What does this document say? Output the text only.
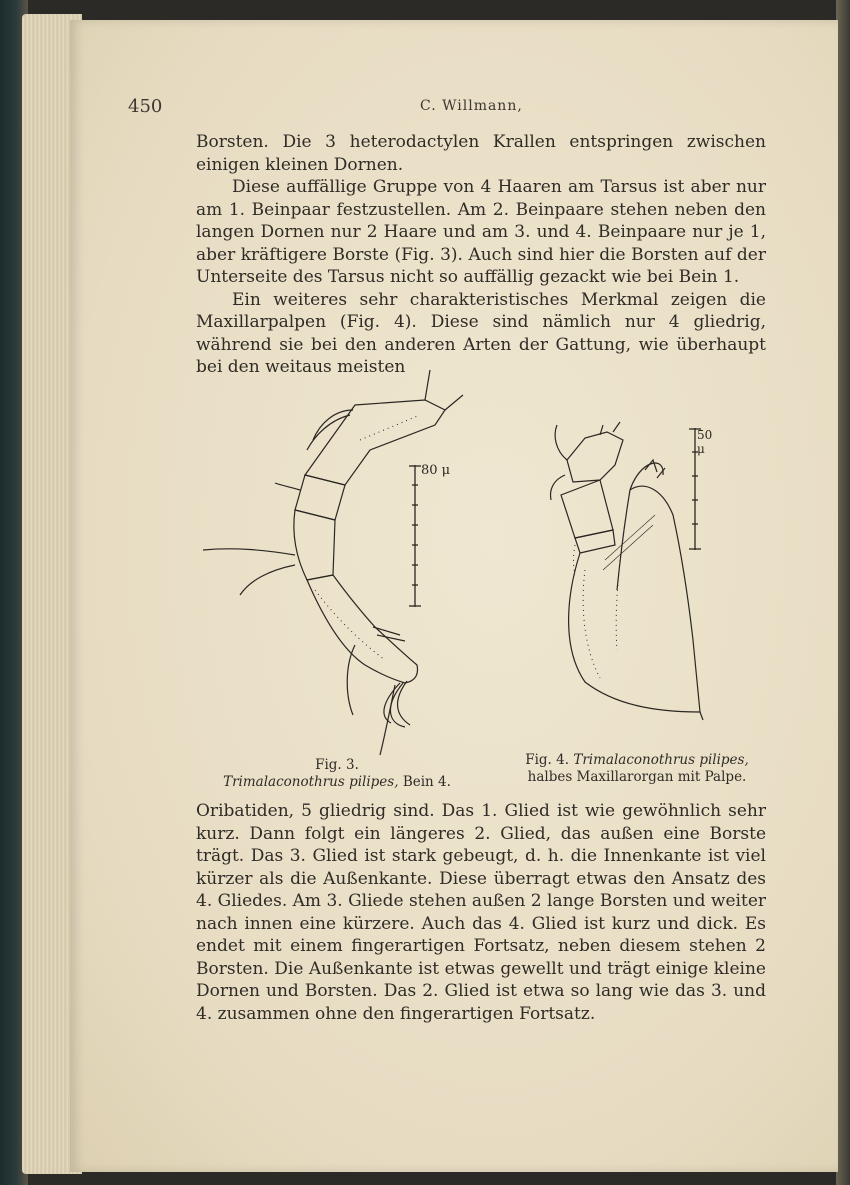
450	C. Willmann,

Borsten. Die 3 heterodactylen Krallen entspringen zwischen einigen kleinen Dornen.

Diese auffällige Gruppe von 4 Haaren am Tarsus ist aber nur am 1. Beinpaar festzustellen. Am 2. Beinpaare stehen neben den langen Dornen nur 2 Haare und am 3. und 4. Beinpaare nur je 1, aber kräftigere Borste (Fig. 3). Auch sind hier die Borsten auf der Unterseite des Tarsus nicht so auffällig gezackt wie bei Bein 1.

Ein weiteres sehr charakteristisches Merkmal zeigen die Maxillarpalpen (Fig. 4). Diese sind nämlich nur 4 gliedrig, während sie bei den anderen Arten der Gattung, wie überhaupt bei den weitaus meisten

80 μ
Fig. 3.
Trimalaconothrus pilipes, Bein 4.
50 μ
Fig. 4. Trimalaconothrus pilipes,
halbes Maxillarorgan mit Palpe.

Oribatiden, 5 gliedrig sind. Das 1. Glied ist wie gewöhnlich sehr kurz. Dann folgt ein längeres 2. Glied, das außen eine Borste trägt. Das 3. Glied ist stark gebeugt, d. h. die Innenkante ist viel kürzer als die Außenkante. Diese überragt etwas den Ansatz des 4. Gliedes. Am 3. Gliede stehen außen 2 lange Borsten und weiter nach innen eine kürzere. Auch das 4. Glied ist kurz und dick. Es endet mit einem fingerartigen Fortsatz, neben diesem stehen 2 Borsten. Die Außenkante ist etwas gewellt und trägt einige kleine Dornen und Borsten. Das 2. Glied ist etwa so lang wie das 3. und 4. zusammen ohne den fingerartigen Fortsatz.
